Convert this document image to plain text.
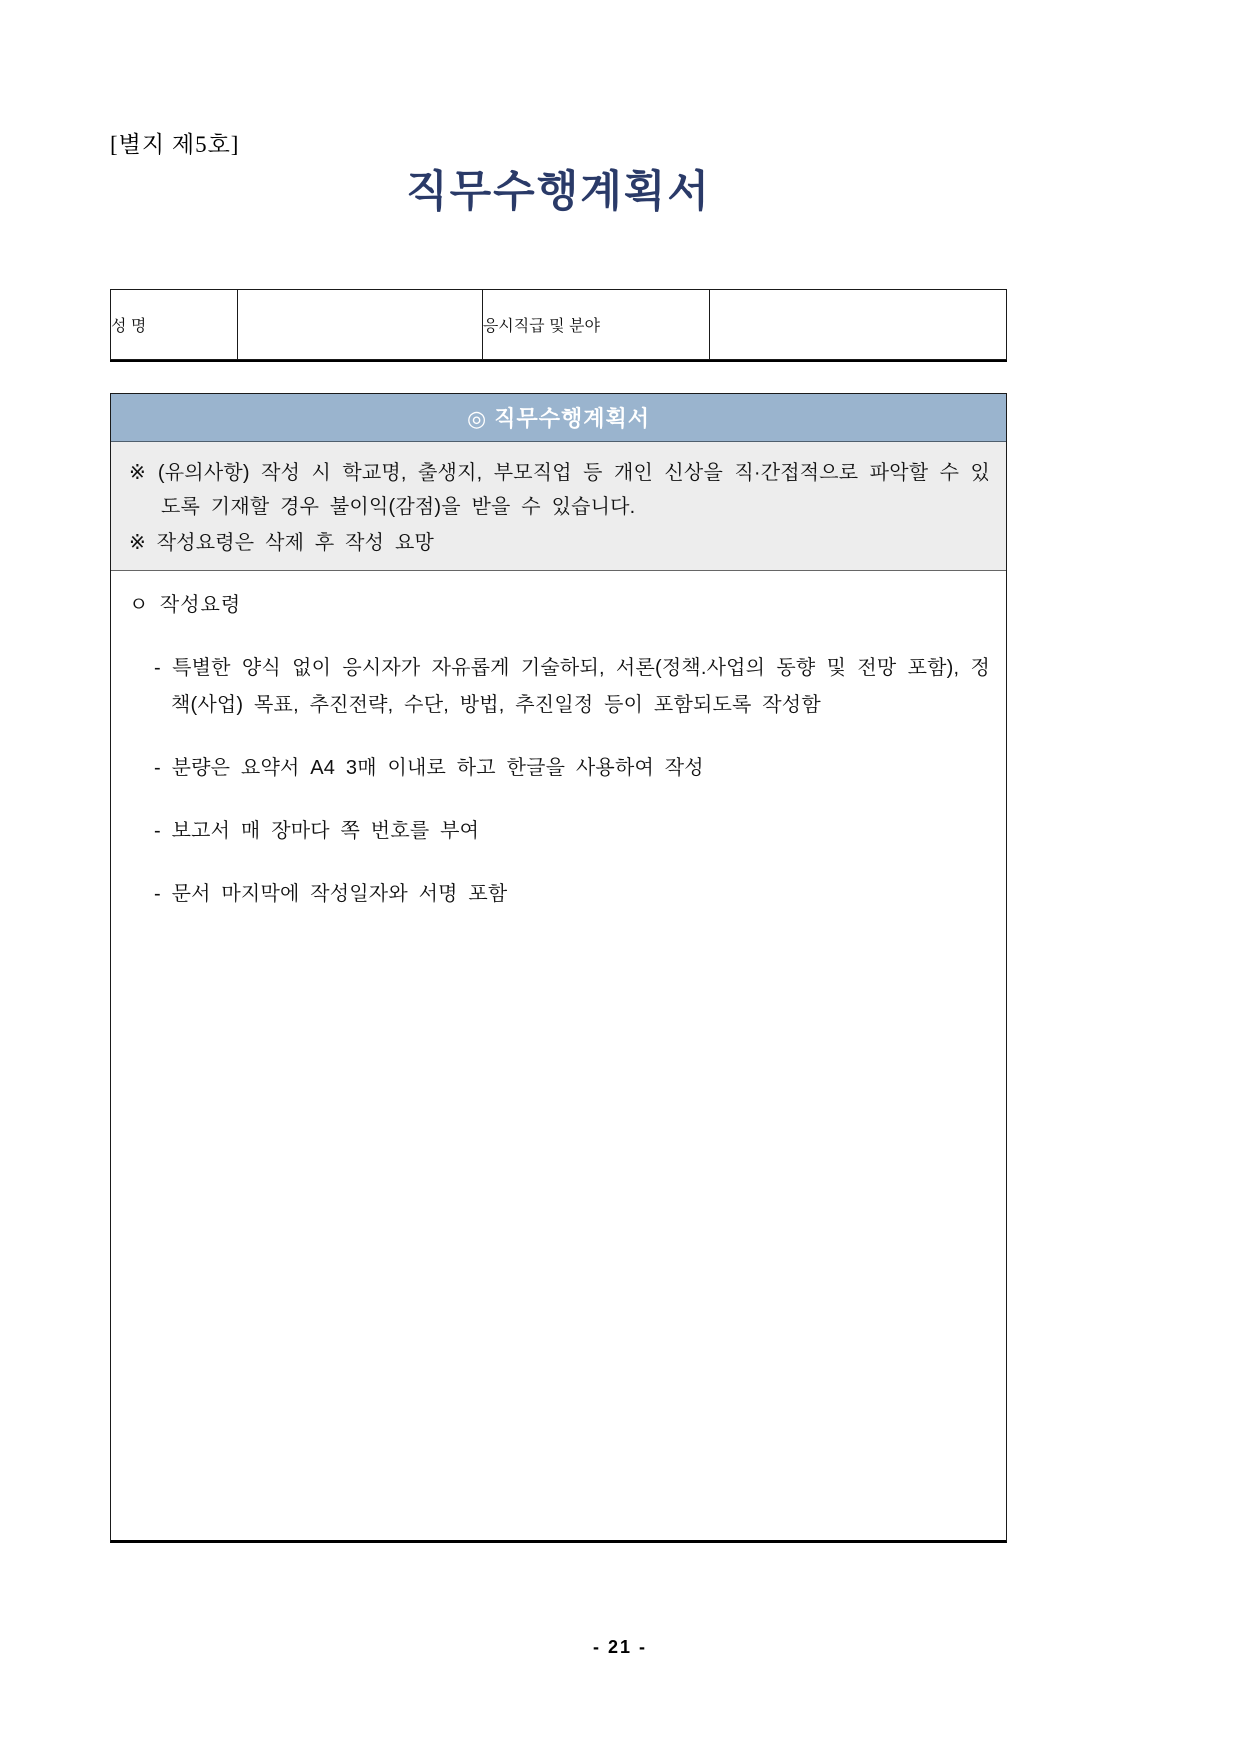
[별지 제5호]
직무수행계획서
성 명		응시직급 및 분야	
◎ 직무수행계획서
※ (유의사항) 작성 시 학교명, 출생지, 부모직업 등 개인 신상을 직·간접적으로 파악할 수 있도록 기재할 경우 불이익(감점)을 받을 수 있습니다.
※ 작성요령은 삭제 후 작성 요망
ㅇ 작성요령
- 특별한 양식 없이 응시자가 자유롭게 기술하되, 서론(정책.사업의 동향 및 전망 포함), 정책(사업) 목표, 추진전략, 수단, 방법, 추진일정 등이 포함되도록 작성함
- 분량은 요약서 A4 3매 이내로 하고 한글을 사용하여 작성
- 보고서 매 장마다 쪽 번호를 부여
- 문서 마지막에 작성일자와 서명 포함
- 21 -
